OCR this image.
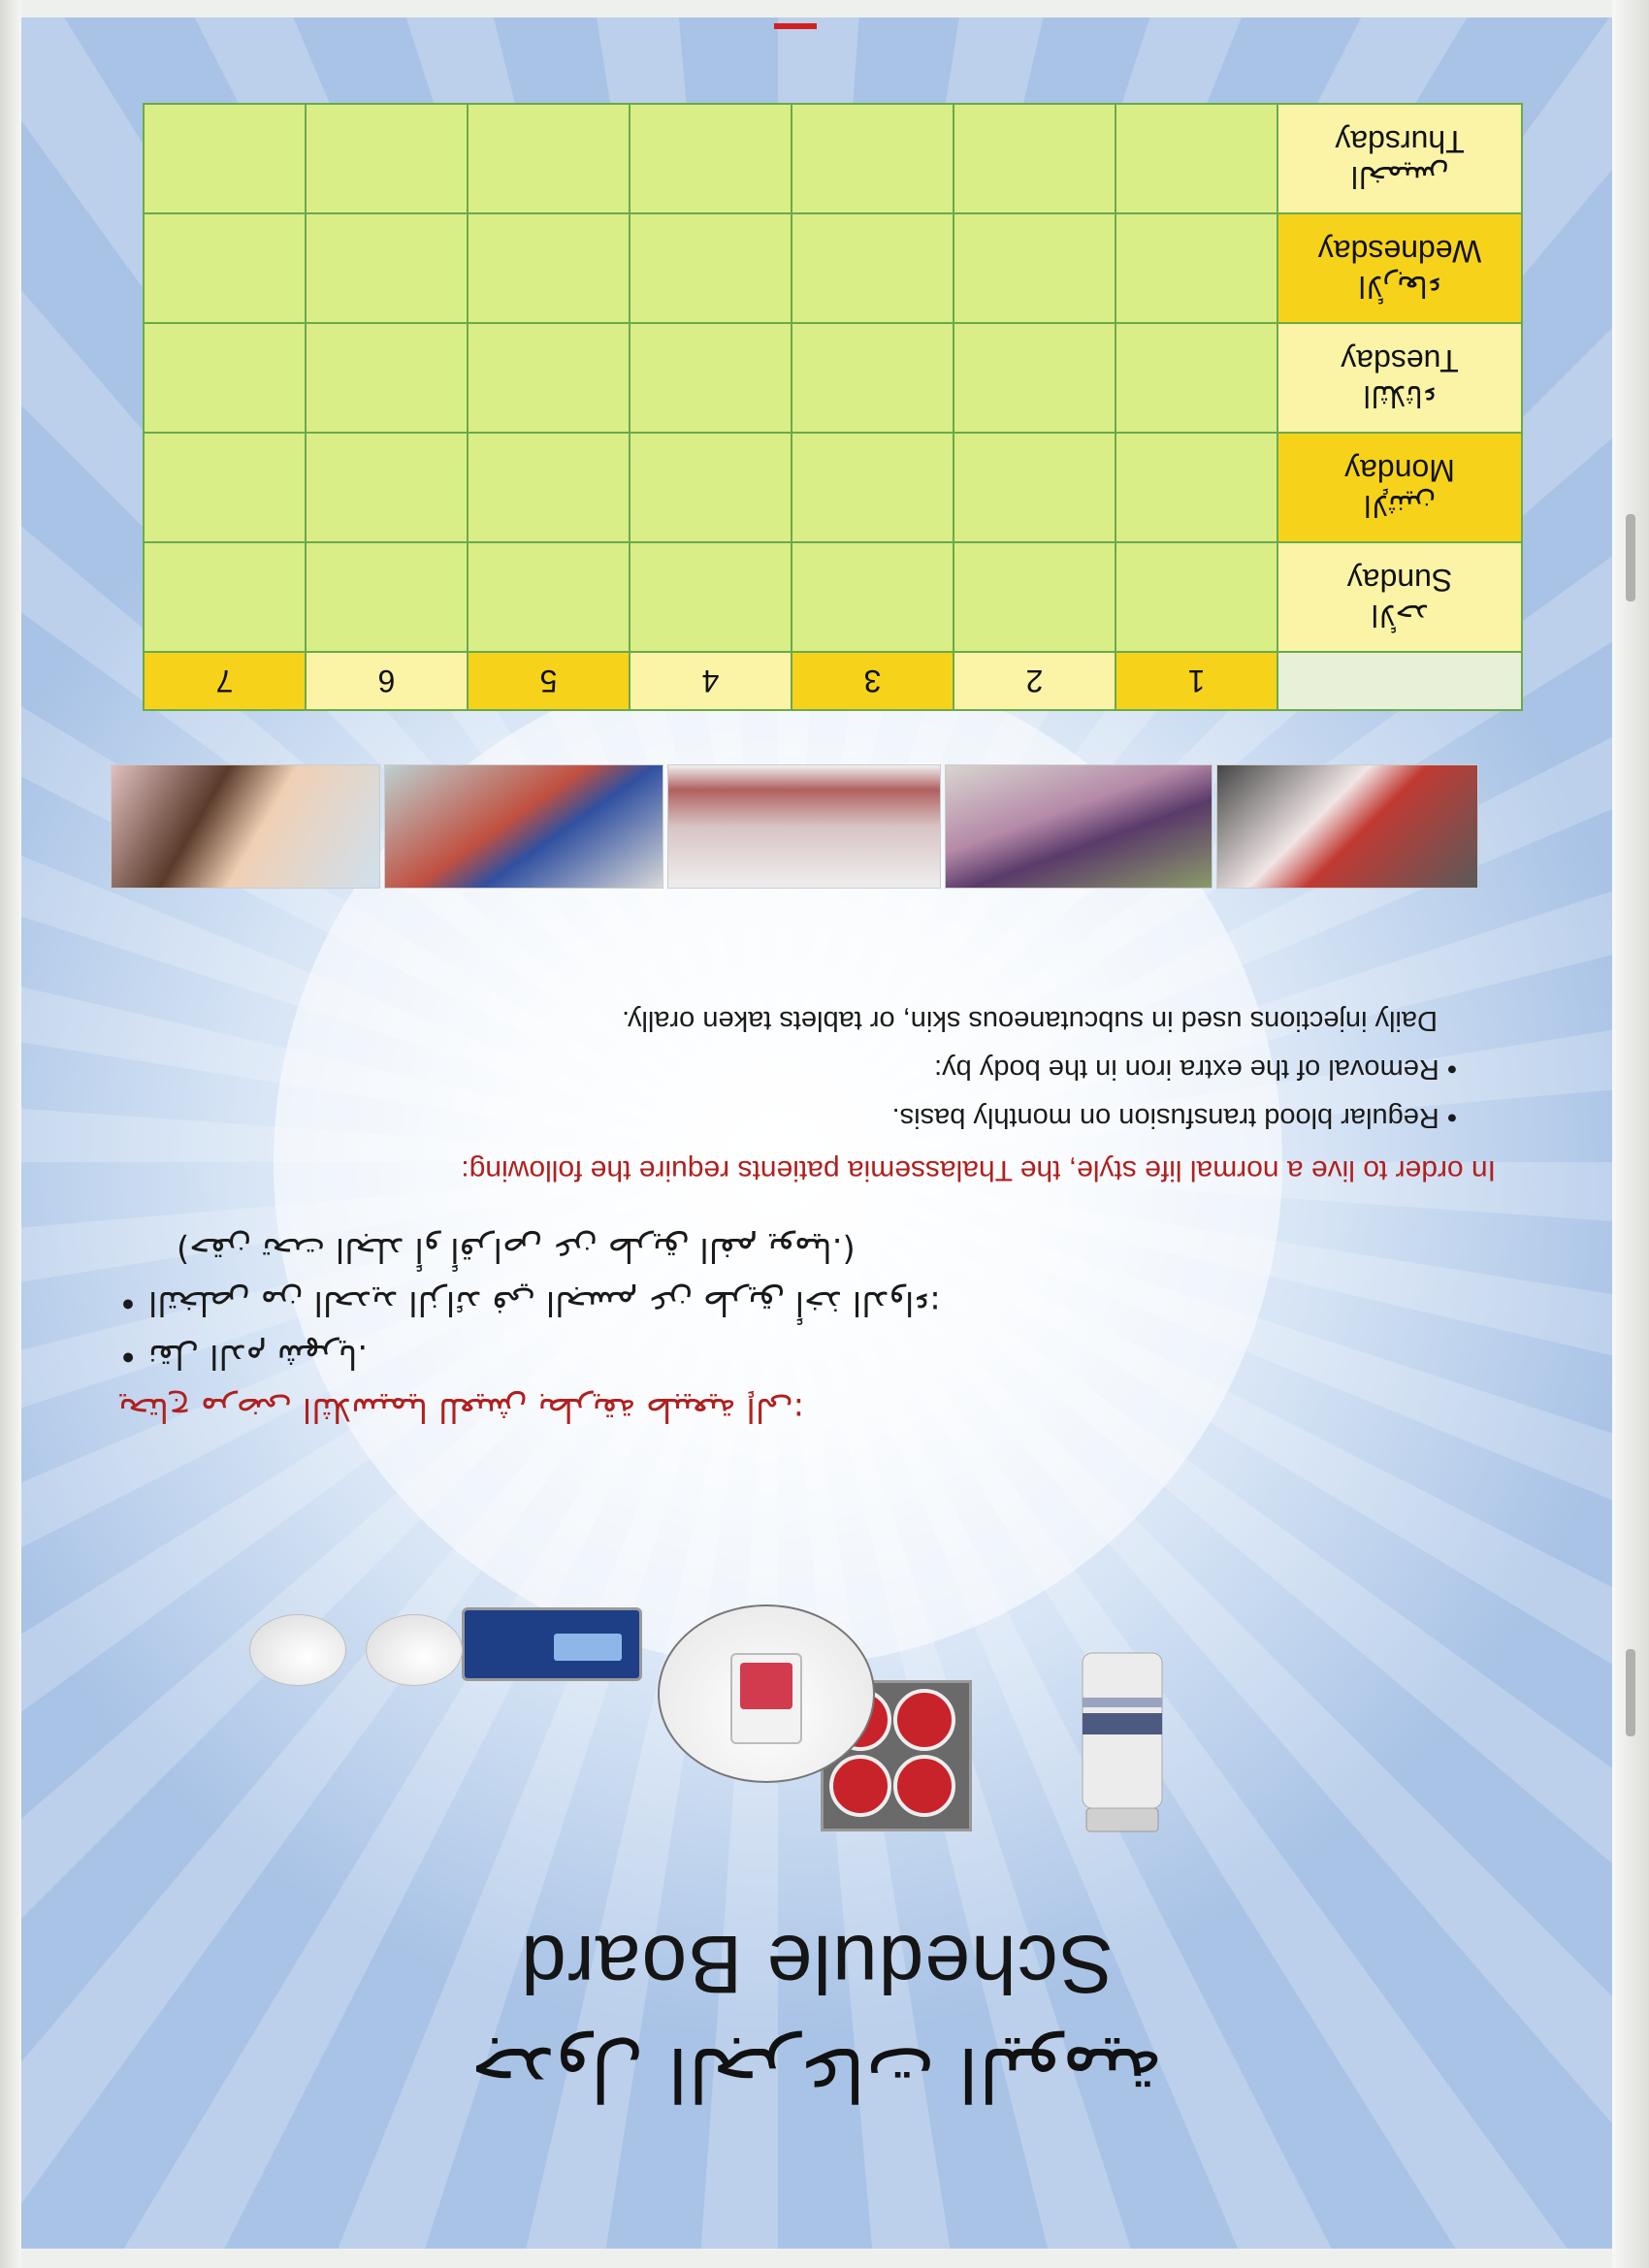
جدول الجرعات اليومية
Schedule Board
يحتاج مرضى الثلاسيميا للعيش بطريقة طبيعية إلى:
• نقل الدم شهريا.
• التخلص من الحديد الزائد في الجسم عن طريق أخذ الدواء:
(حقن تحت الجلد أو أقراص عن طريق الفم يوميا.)
In order to live a normal life style, the Thalassemia patients require the following:
• Regular blood transfusion on monthly basis.
• Removal of the extra iron in the body by:
Daily injections used in subcutaneous skin, or tablets taken orally.
	1	2	3	4	5	6	7

الأحد
Sunday							

الإثنين
Monday							

الثلاثاء
Tuesday							

الأربعاء
Wednesday							

الخميس
Thursday							
